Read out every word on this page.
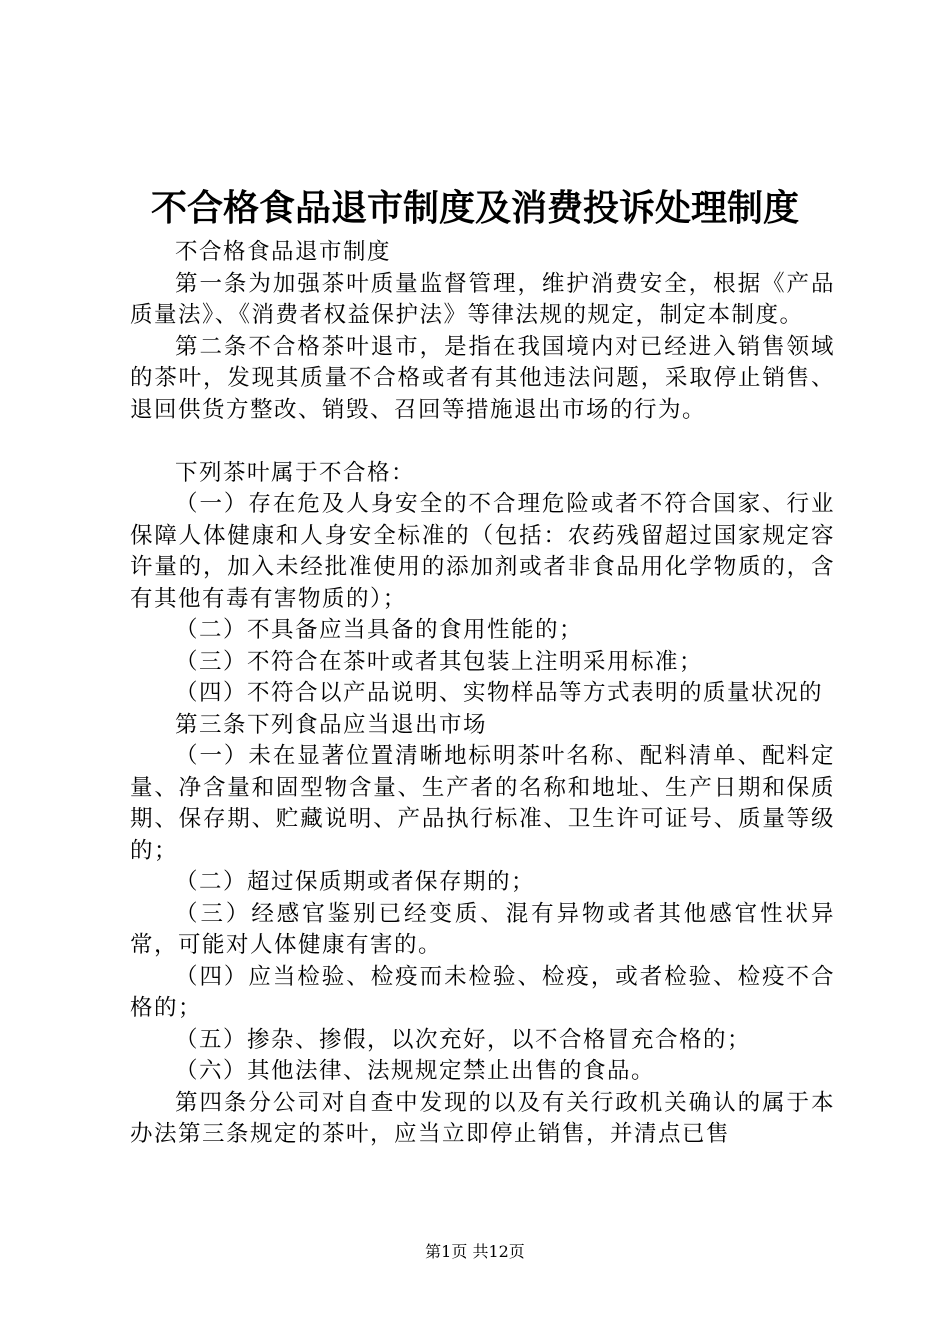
不合格食品退市制度及消费投诉处理制度

不合格食品退市制度

第一条为加强茶叶质量监督管理，维护消费安全，根据《产品质量法》、《消费者权益保护法》等律法规的规定，制定本制度。

第二条不合格茶叶退市，是指在我国境内对已经进入销售领域的茶叶，发现其质量不合格或者有其他违法问题，采取停止销售、退回供货方整改、销毁、召回等措施退出市场的行为。

下列茶叶属于不合格：

（一）存在危及人身安全的不合理危险或者不符合国家、行业保障人体健康和人身安全标准的（包括：农药残留超过国家规定容许量的，加入未经批准使用的添加剂或者非食品用化学物质的，含有其他有毒有害物质的）；

（二）不具备应当具备的食用性能的；

（三）不符合在茶叶或者其包装上注明采用标准；

（四）不符合以产品说明、实物样品等方式表明的质量状况的

第三条下列食品应当退出市场

（一）未在显著位置清晰地标明茶叶名称、配料清单、配料定量、净含量和固型物含量、生产者的名称和地址、生产日期和保质期、保存期、贮藏说明、产品执行标准、卫生许可证号、质量等级的；

（二）超过保质期或者保存期的；

（三）经感官鉴别已经变质、混有异物或者其他感官性状异常，可能对人体健康有害的。

（四）应当检验、检疫而未检验、检疫，或者检验、检疫不合格的；

（五）掺杂、掺假，以次充好，以不合格冒充合格的；

（六）其他法律、法规规定禁止出售的食品。

第四条分公司对自查中发现的以及有关行政机关确认的属于本办法第三条规定的茶叶，应当立即停止销售，并清点已售

第1页 共12页
